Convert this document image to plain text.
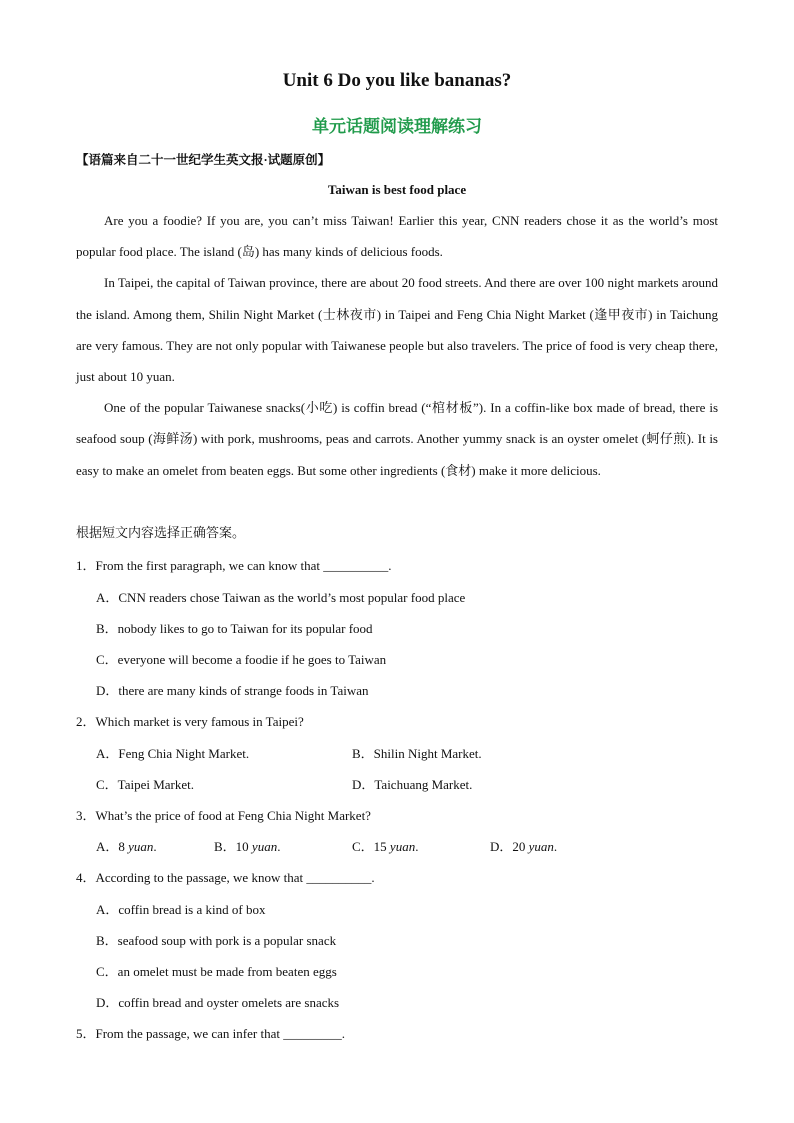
Unit 6 Do you like bananas?
单元话题阅读理解练习
【语篇来自二十一世纪学生英文报·试题原创】
Taiwan is best food place

Are you a foodie? If you are, you can’t miss Taiwan! Earlier this year, CNN readers chose it as the world’s most popular food place. The island (岛) has many kinds of delicious foods.

In Taipei, the capital of Taiwan province, there are about 20 food streets. And there are over 100 night markets around the island. Among them, Shilin Night Market (士林夜市) in Taipei and Feng Chia Night Market (逢甲夜市) in Taichung are very famous. They are not only popular with Taiwanese people but also travelers. The price of food is very cheap there, just about 10 yuan.

One of the popular Taiwanese snacks(小吃) is coffin bread (“棺材板”). In a coffin-like box made of bread, there is seafood soup (海鲜汤) with pork, mushrooms, peas and carrots. Another yummy snack is an oyster omelet (蚵仔煎). It is easy to make an omelet from beaten eggs. But some other ingredients (食材) make it more delicious.

根据短文内容选择正确答案。
1．From the first paragraph, we can know that __________.
A．CNN readers chose Taiwan as the world’s most popular food place
B．nobody likes to go to Taiwan for its popular food
C．everyone will become a foodie if he goes to Taiwan
D．there are many kinds of strange foods in Taiwan
2．Which market is very famous in Taipei?
A．Feng Chia Night Market.	B．Shilin Night Market.
C．Taipei Market.	D．Taichuang Market.
3．What’s the price of food at Feng Chia Night Market?
A．8 yuan.	B．10 yuan.	C．15 yuan.	D．20 yuan.
4．According to the passage, we know that __________.
A．coffin bread is a kind of box
B．seafood soup with pork is a popular snack
C．an omelet must be made from beaten eggs
D．coffin bread and oyster omelets are snacks
5．From the passage, we can infer that _________.
